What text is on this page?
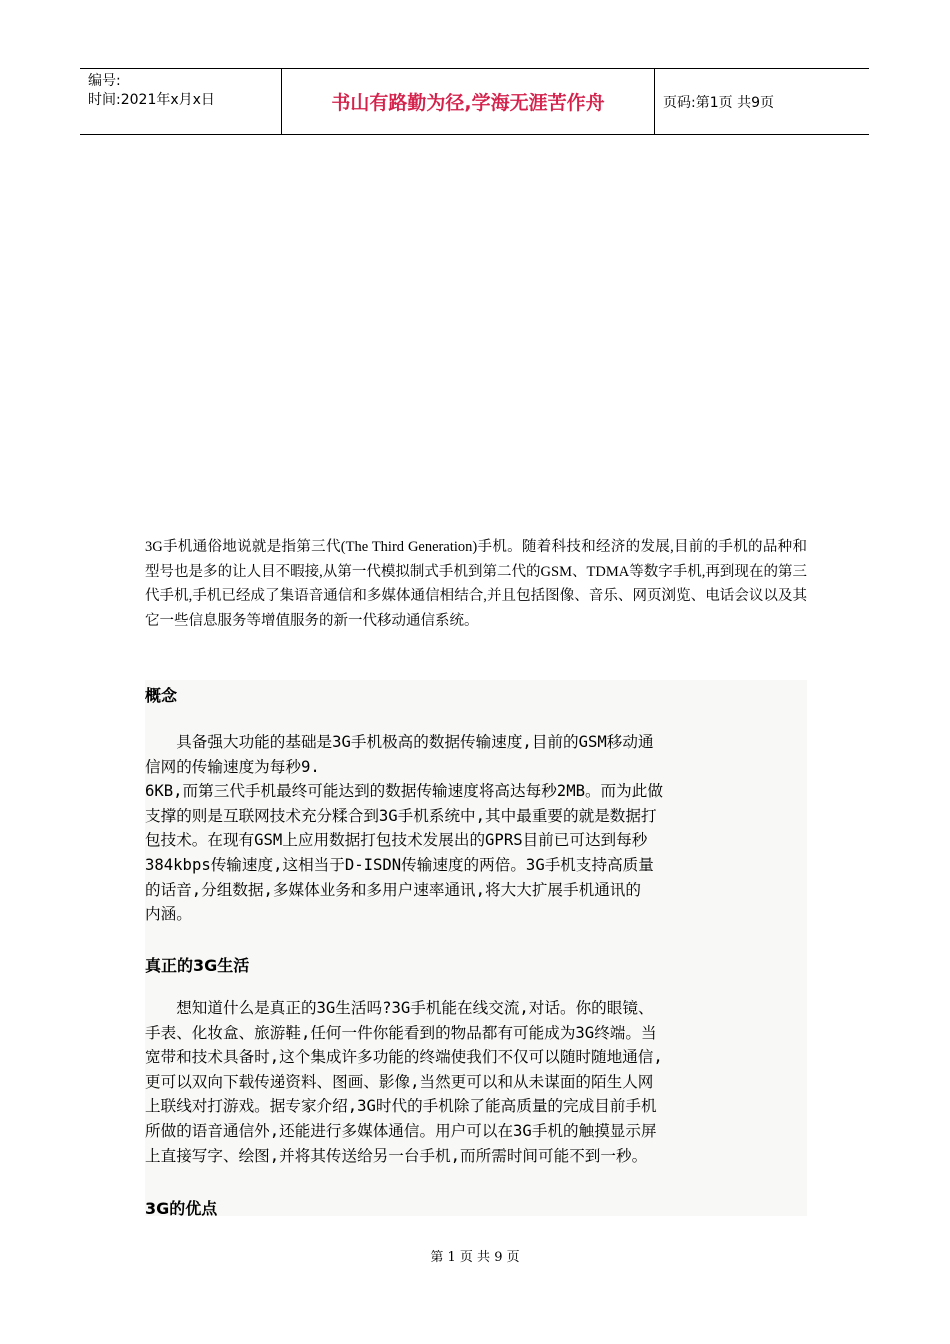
编号:
时间:2021年x月x日	书山有路勤为径,学海无涯苦作舟	页码:第1页 共9页

3G手机通俗地说就是指第三代(The Third Generation)手机。随着科技和经济的发展,目前的手机的品种和型号也是多的让人目不暇接,从第一代模拟制式手机到第二代的GSM、TDMA等数字手机,再到现在的第三代手机,手机已经成了集语音通信和多媒体通信相结合,并且包括图像、音乐、网页浏览、电话会议以及其它一些信息服务等增值服务的新一代移动通信系统。

概念

　　具备强大功能的基础是3G手机极高的数据传输速度,目前的GSM移动通
信网的传输速度为每秒9.
6KB,而第三代手机最终可能达到的数据传输速度将高达每秒2MB。而为此做
支撑的则是互联网技术充分糅合到3G手机系统中,其中最重要的就是数据打
包技术。在现有GSM上应用数据打包技术发展出的GPRS目前已可达到每秒
384kbps传输速度,这相当于D-ISDN传输速度的两倍。3G手机支持高质量
的话音,分组数据,多媒体业务和多用户速率通讯,将大大扩展手机通讯的
内涵。

真正的3G生活

　　想知道什么是真正的3G生活吗?3G手机能在线交流,对话。你的眼镜、
手表、化妆盒、旅游鞋,任何一件你能看到的物品都有可能成为3G终端。当
宽带和技术具备时,这个集成许多功能的终端使我们不仅可以随时随地通信,
更可以双向下载传递资料、图画、影像,当然更可以和从未谋面的陌生人网
上联线对打游戏。据专家介绍,3G时代的手机除了能高质量的完成目前手机
所做的语音通信外,还能进行多媒体通信。用户可以在3G手机的触摸显示屏
上直接写字、绘图,并将其传送给另一台手机,而所需时间可能不到一秒。

3G的优点
第 1 页 共 9 页
